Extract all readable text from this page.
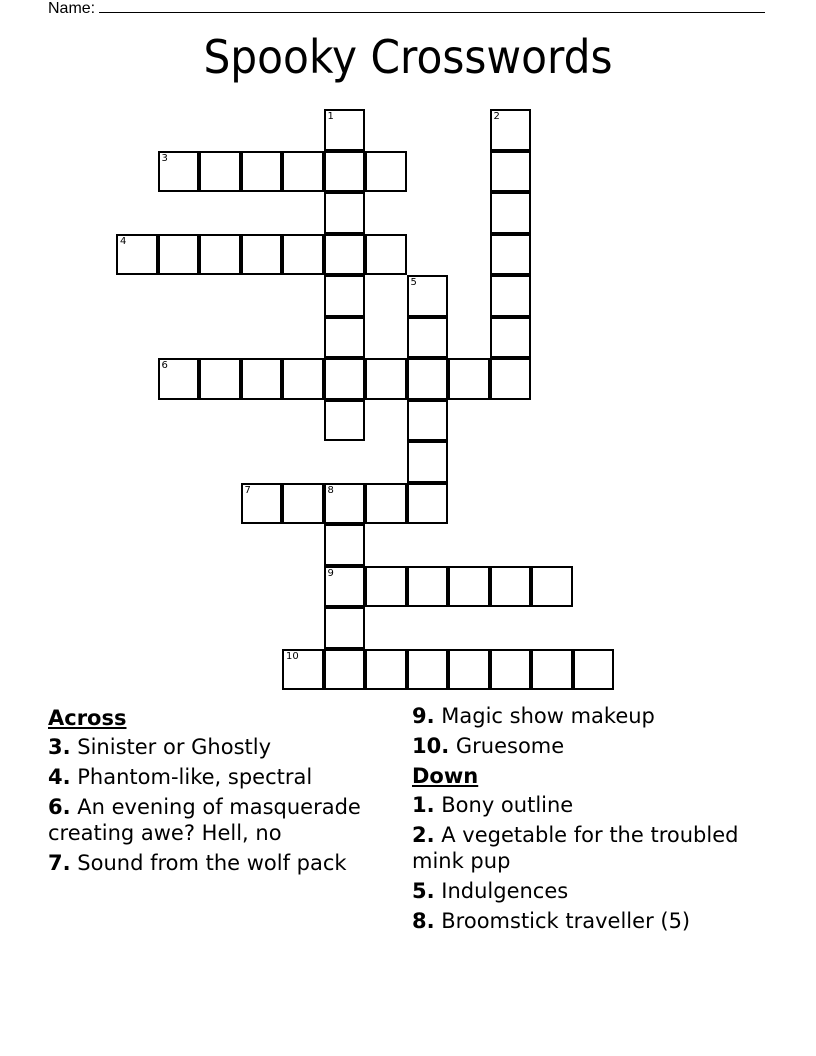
Name:
Spooky Crosswords
1	2
3
4
5
6
7	8
9
10
Across
3. Sinister or Ghostly
4. Phantom-like, spectral
6. An evening of masquerade creating awe? Hell, no
7. Sound from the wolf pack
9. Magic show makeup
10. Gruesome
Down
1. Bony outline
2. A vegetable for the troubled mink pup
5. Indulgences
8. Broomstick traveller (5)
